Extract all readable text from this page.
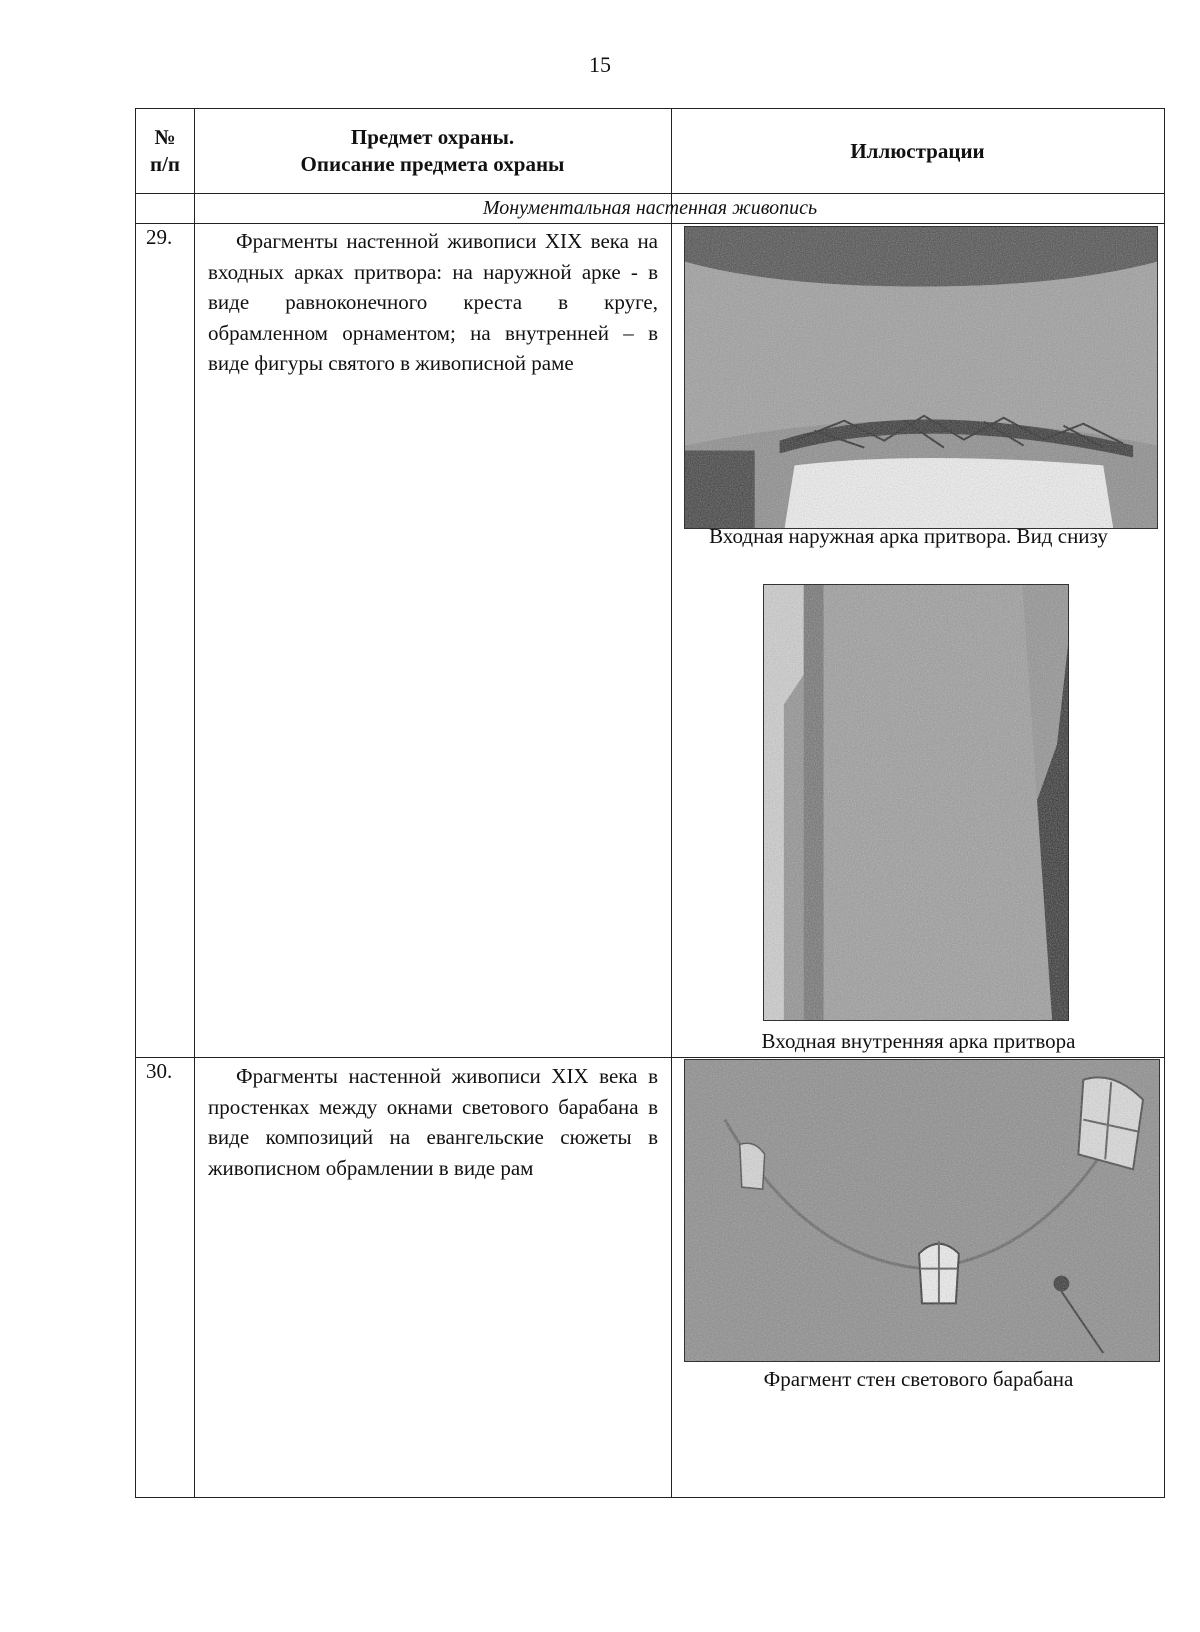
15
№
п/п
Предмет охраны.
Описание предмета охраны
Иллюстрации
Монументальная настенная живопись
29.	Фрагменты настенной живописи XIX века на входных арках притвора: на наружной арке - в виде равноконечного креста в круге, обрамленном орнаментом; на внутренней – в виде фигуры святого в живописной раме

Входная наружная арка притвора. Вид снизу
Входная внутренняя арка притвора
30.	Фрагменты настенной живописи XIX века в простенках между окнами светового барабана в виде композиций на евангельские сюжеты в живописном обрамлении в виде рам

Фрагмент стен светового барабана
